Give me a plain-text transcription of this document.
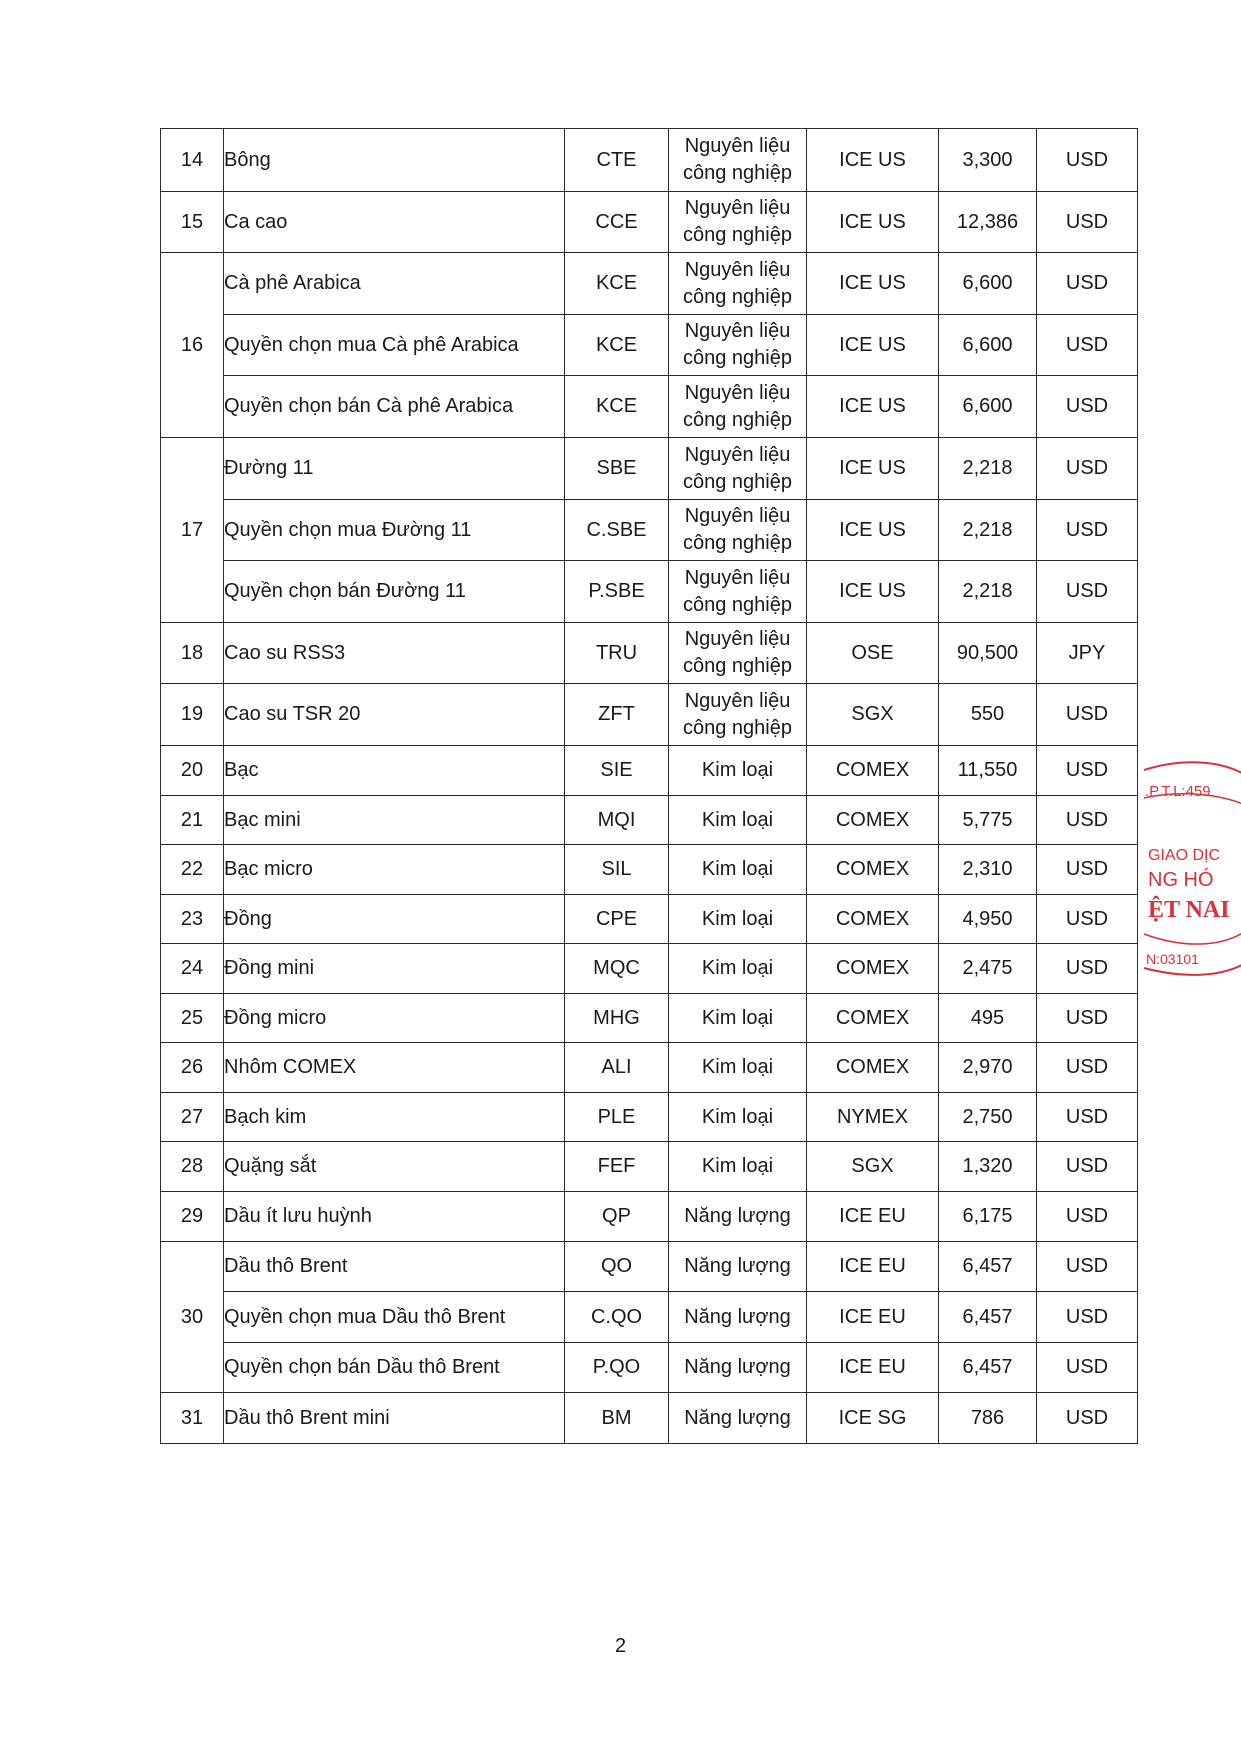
14	Bông	CTE	Nguyên liệu công nghiệp	ICE US	3,300	USD
15	Ca cao	CCE	Nguyên liệu công nghiệp	ICE US	12,386	USD
16	Cà phê Arabica	KCE	Nguyên liệu công nghiệp	ICE US	6,600	USD
	Quyền chọn mua Cà phê Arabica	KCE	Nguyên liệu công nghiệp	ICE US	6,600	USD
	Quyền chọn bán Cà phê Arabica	KCE	Nguyên liệu công nghiệp	ICE US	6,600	USD
17	Đường 11	SBE	Nguyên liệu công nghiệp	ICE US	2,218	USD
	Quyền chọn mua Đường 11	C.SBE	Nguyên liệu công nghiệp	ICE US	2,218	USD
	Quyền chọn bán Đường 11	P.SBE	Nguyên liệu công nghiệp	ICE US	2,218	USD
18	Cao su RSS3	TRU	Nguyên liệu công nghiệp	OSE	90,500	JPY
19	Cao su TSR 20	ZFT	Nguyên liệu công nghiệp	SGX	550	USD
20	Bạc	SIE	Kim loại	COMEX	11,550	USD
21	Bạc mini	MQI	Kim loại	COMEX	5,775	USD
22	Bạc micro	SIL	Kim loại	COMEX	2,310	USD
23	Đồng	CPE	Kim loại	COMEX	4,950	USD
24	Đồng mini	MQC	Kim loại	COMEX	2,475	USD
25	Đồng micro	MHG	Kim loại	COMEX	495	USD
26	Nhôm COMEX	ALI	Kim loại	COMEX	2,970	USD
27	Bạch kim	PLE	Kim loại	NYMEX	2,750	USD
28	Quặng sắt	FEF	Kim loại	SGX	1,320	USD
29	Dầu ít lưu huỳnh	QP	Năng lượng	ICE EU	6,175	USD
30	Dầu thô Brent	QO	Năng lượng	ICE EU	6,457	USD
	Quyền chọn mua Dầu thô Brent	C.QO	Năng lượng	ICE EU	6,457	USD
	Quyền chọn bán Dầu thô Brent	P.QO	Năng lượng	ICE EU	6,457	USD
31	Dầu thô Brent mini	BM	Năng lượng	ICE SG	786	USD
2
.P.T.L:459
GIAO DỊC
NG HÓ
ỆT NAI
N:03101
